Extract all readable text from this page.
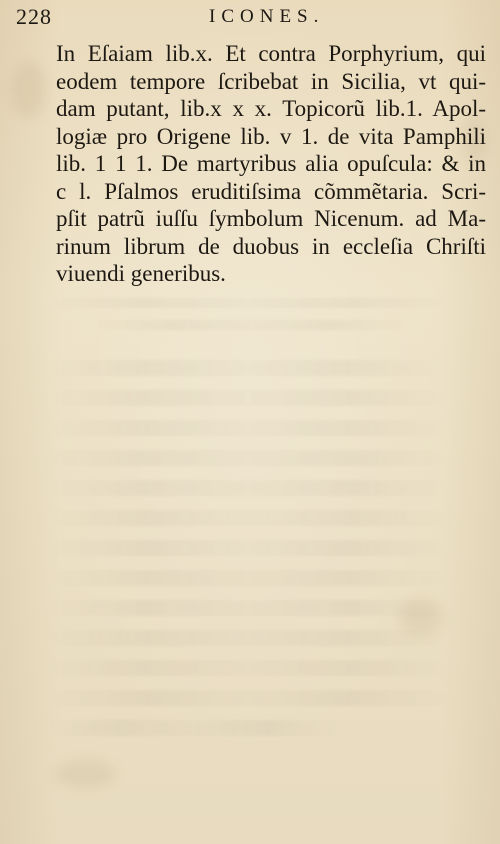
228	ICONES.
In Eſaiam lib.x. Et contra Porphyrium, qui
eodem tempore ſcribebat in Sicilia, vt qui-
dam putant, lib.x x x. Topicorũ lib.1. Apol-
logiæ pro Origene lib. v 1. de vita Pamphili
lib. 1 1 1. De martyribus alia opuſcula: & in
c l. Pſalmos eruditiſsima cõmmẽtaria. Scri-
pſit patrũ iuſſu ſymbolum Nicenum. ad Ma-
rinum librum de duobus in eccleſia Chriſti
viuendi generibus.
